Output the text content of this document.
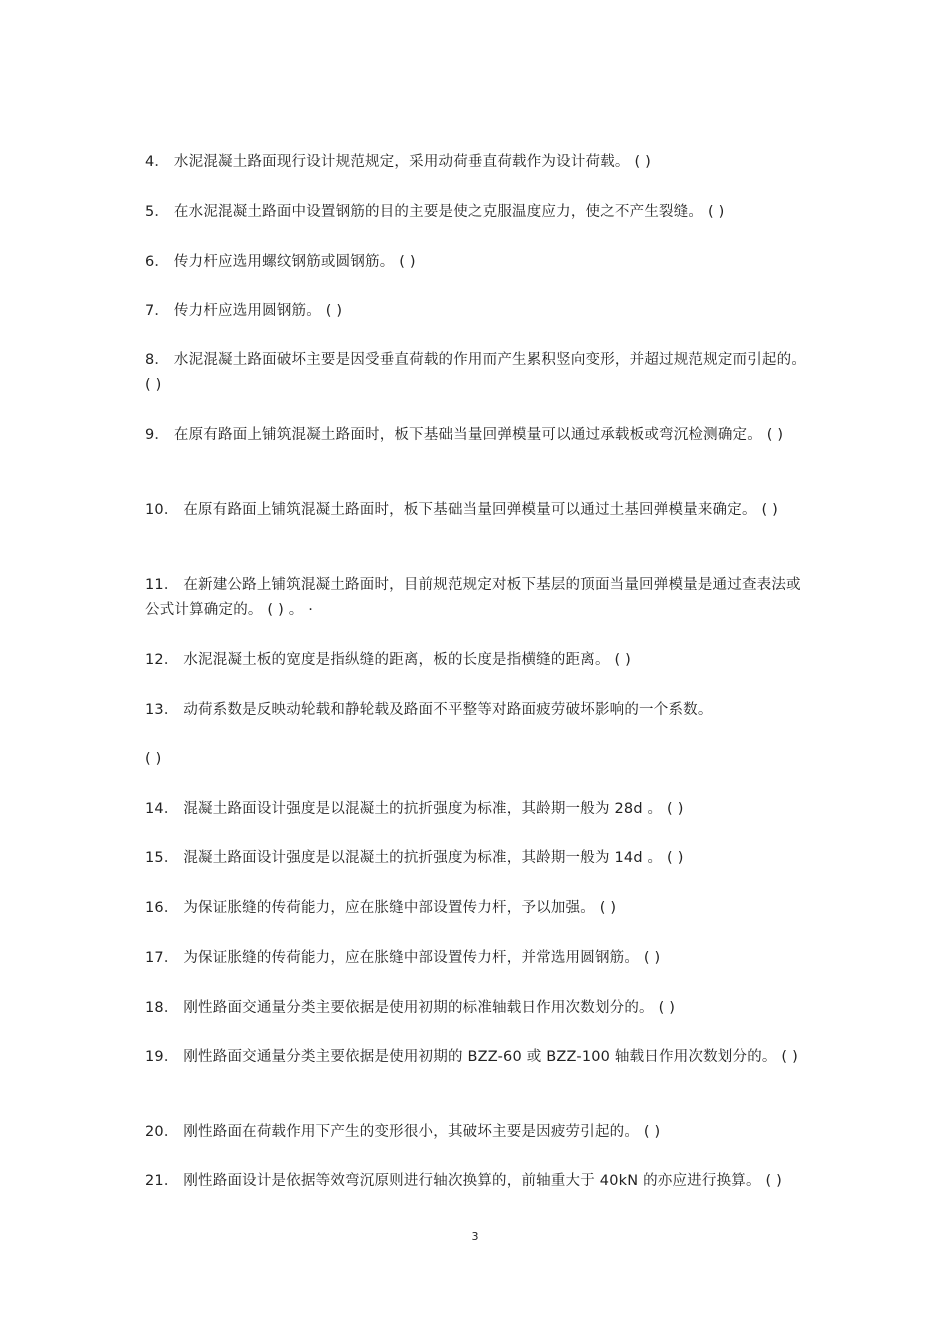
4． 水泥混凝土路面现行设计规范规定，采用动荷垂直荷载作为设计荷载。 ( )

5． 在水泥混凝土路面中设置钢筋的目的主要是使之克服温度应力，使之不产生裂缝。 ( )

6． 传力杆应选用螺纹钢筋或圆钢筋。 ( )

7． 传力杆应选用圆钢筋。 ( )

8． 水泥混凝土路面破坏主要是因受垂直荷载的作用而产生累积竖向变形，并超过规范规定而引起的。 ( )

9． 在原有路面上铺筑混凝土路面时，板下基础当量回弹模量可以通过承载板或弯沉检测确定。 ( )

10． 在原有路面上铺筑混凝土路面时，板下基础当量回弹模量可以通过土基回弹模量来确定。 ( )

11． 在新建公路上铺筑混凝土路面时，目前规范规定对板下基层的顶面当量回弹模量是通过查表法或公式计算确定的。 ( ) 。 ·

12． 水泥混凝土板的宽度是指纵缝的距离，板的长度是指横缝的距离。 ( )

13． 动荷系数是反映动轮载和静轮载及路面不平整等对路面疲劳破坏影响的一个系数。

( )

14． 混凝土路面设计强度是以混凝土的抗折强度为标准，其龄期一般为 28d 。 ( )

15． 混凝土路面设计强度是以混凝土的抗折强度为标准，其龄期一般为 14d 。 ( )

16． 为保证胀缝的传荷能力，应在胀缝中部设置传力杆，予以加强。 ( )

17． 为保证胀缝的传荷能力，应在胀缝中部设置传力杆，并常选用圆钢筋。 ( )

18． 刚性路面交通量分类主要依据是使用初期的标准轴载日作用次数划分的。 ( )

19． 刚性路面交通量分类主要依据是使用初期的 BZZ-60 或 BZZ-100 轴载日作用次数划分的。 ( )

20． 刚性路面在荷载作用下产生的变形很小，其破坏主要是因疲劳引起的。 ( )

21． 刚性路面设计是依据等效弯沉原则进行轴次换算的，前轴重大于 40kN 的亦应进行换算。 ( )

3
